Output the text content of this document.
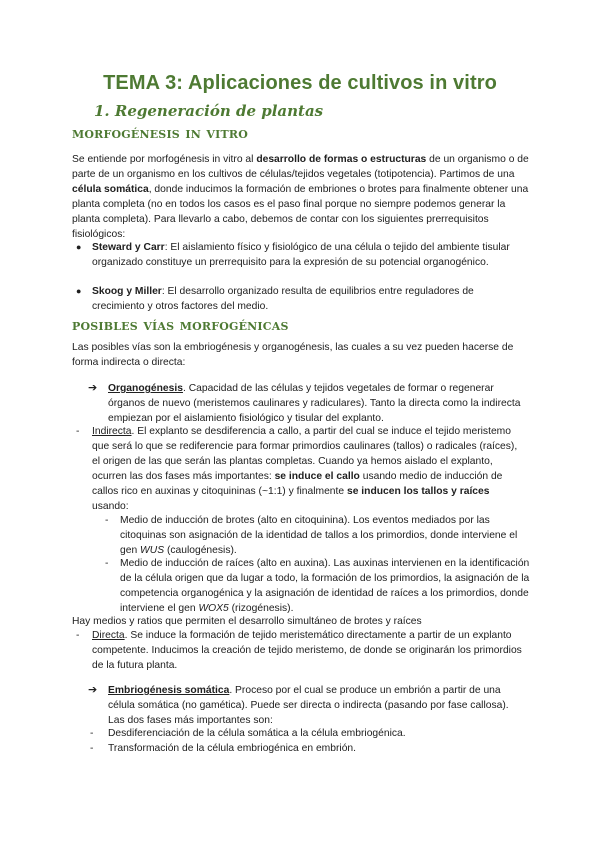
TEMA 3: Aplicaciones de cultivos in vitro
1. Regeneración de plantas
morfogénesis in vitro

Se entiende por morfogénesis in vitro al desarrollo de formas o estructuras de un organismo o de parte de un organismo en los cultivos de células/tejidos vegetales (totipotencia). Partimos de una célula somática, donde inducimos la formación de embriones o brotes para finalmente obtener una planta completa (no en todos los casos es el paso final porque no siempre podemos generar la planta completa). Para llevarlo a cabo, debemos de contar con los siguientes prerrequisitos fisiológicos:

● Steward y Carr: El aislamiento físico y fisiológico de una célula o tejido del ambiente tisular organizado constituye un prerrequisito para la expresión de su potencial organogénico.

● Skoog y Miller: El desarrollo organizado resulta de equilibrios entre reguladores de crecimiento y otros factores del medio.

posibles vías morfogénicas

Las posibles vías son la embriogénesis y organogénesis, las cuales a su vez pueden hacerse de forma indirecta o directa:

➔ Organogénesis. Capacidad de las células y tejidos vegetales de formar o regenerar órganos de nuevo (meristemos caulinares y radiculares). Tanto la directa como la indirecta empiezan por el aislamiento fisiológico y tisular del explanto.

- Indirecta. El explanto se desdiferencia a callo, a partir del cual se induce el tejido meristemo que será lo que se rediferencie para formar primordios caulinares (tallos) o radicales (raíces), el origen de las que serán las plantas completas. Cuando ya hemos aislado el explanto, ocurren las dos fases más importantes: se induce el callo usando medio de inducción de callos rico en auxinas y citoquininas (~1:1) y finalmente se inducen los tallos y raíces usando:

- Medio de inducción de brotes (alto en citoquinina). Los eventos mediados por las citoquinas son asignación de la identidad de tallos a los primordios, donde interviene el gen WUS (caulogénesis).

- Medio de inducción de raíces (alto en auxina). Las auxinas intervienen en la identificación de la célula origen que da lugar a todo, la formación de los primordios, la asignación de la competencia organogénica y la asignación de identidad de raíces a los primordios, donde interviene el gen WOX5 (rizogénesis).

Hay medios y ratios que permiten el desarrollo simultáneo de brotes y raíces

- Directa. Se induce la formación de tejido meristemático directamente a partir de un explanto competente. Inducimos la creación de tejido meristemo, de donde se originarán los primordios de la futura planta.

➔ Embriogénesis somática. Proceso por el cual se produce un embrión a partir de una célula somática (no gamética). Puede ser directa o indirecta (pasando por fase callosa). Las dos fases más importantes son:

- Desdiferenciación de la célula somática a la célula embriogénica.

- Transformación de la célula embriogénica en embrión.
